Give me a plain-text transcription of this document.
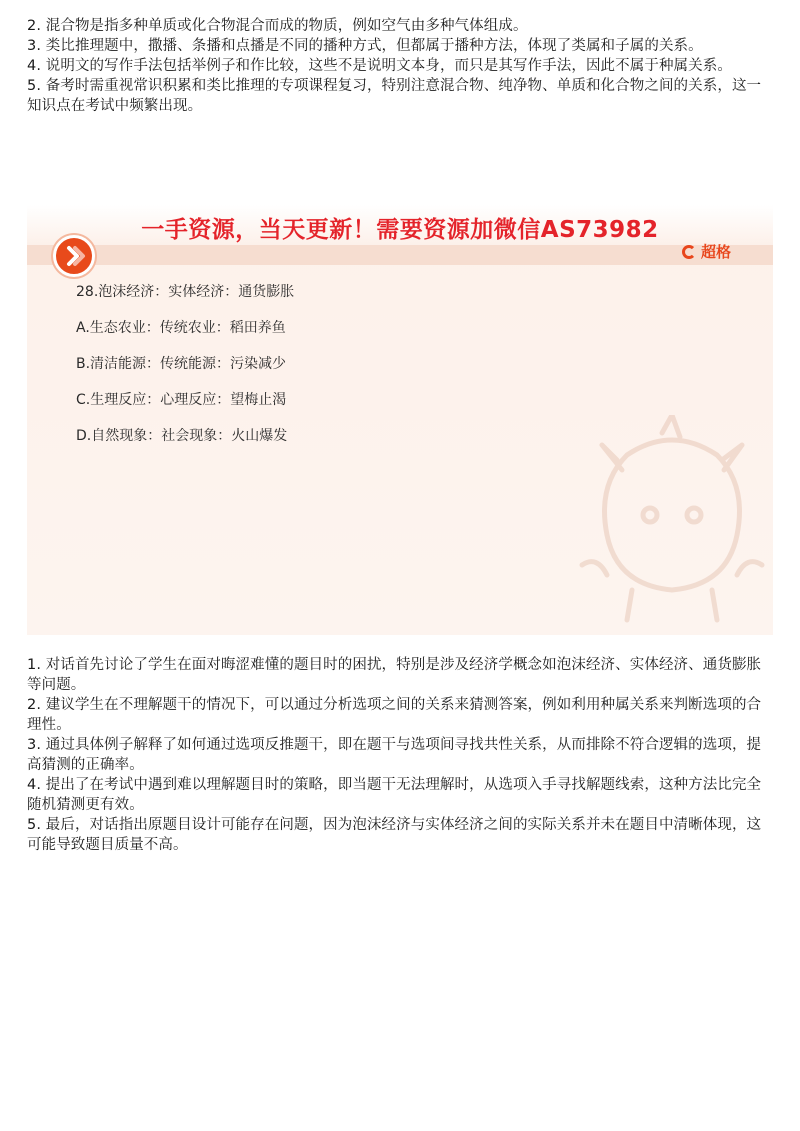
2. 混合物是指多种单质或化合物混合而成的物质，例如空气由多种气体组成。

3. 类比推理题中，撒播、条播和点播是不同的播种方式，但都属于播种方法，体现了类属和子属的关系。

4. 说明文的写作手法包括举例子和作比较，这些不是说明文本身，而只是其写作手法，因此不属于种属关系。

5. 备考时需重视常识积累和类比推理的专项课程复习，特别注意混合物、纯净物、单质和化合物之间的关系，这一知识点在考试中频繁出现。

一手资源，当天更新！需要资源加微信AS73982
超格
28.泡沫经济：实体经济：通货膨胀
A.生态农业：传统农业：稻田养鱼
B.清洁能源：传统能源：污染减少
C.生理反应：心理反应：望梅止渴
D.自然现象：社会现象：火山爆发

1. 对话首先讨论了学生在面对晦涩难懂的题目时的困扰，特别是涉及经济学概念如泡沫经济、实体经济、通货膨胀等问题。

2. 建议学生在不理解题干的情况下，可以通过分析选项之间的关系来猜测答案，例如利用种属关系来判断选项的合理性。

3. 通过具体例子解释了如何通过选项反推题干，即在题干与选项间寻找共性关系，从而排除不符合逻辑的选项，提高猜测的正确率。

4. 提出了在考试中遇到难以理解题目时的策略，即当题干无法理解时，从选项入手寻找解题线索，这种方法比完全随机猜测更有效。

5. 最后，对话指出原题目设计可能存在问题，因为泡沫经济与实体经济之间的实际关系并未在题目中清晰体现，这可能导致题目质量不高。
